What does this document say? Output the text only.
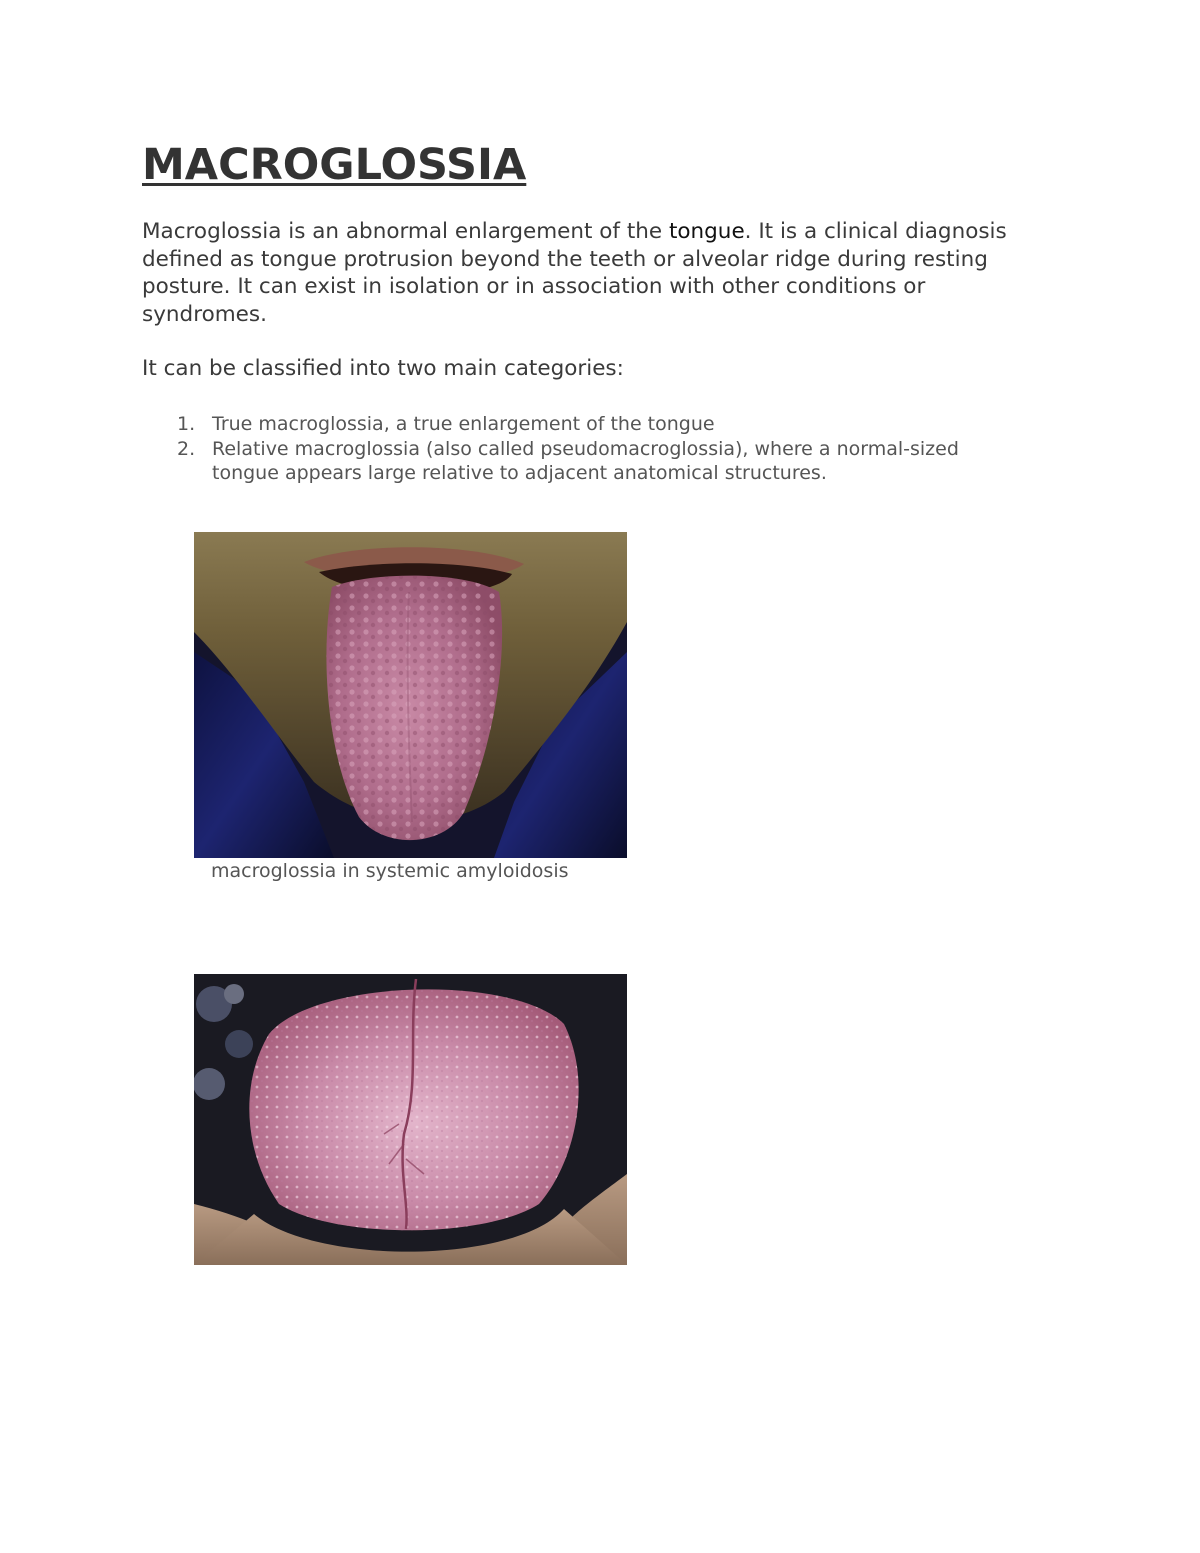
MACROGLOSSIA

Macroglossia is an abnormal enlargement of the tongue. It is a clinical diagnosis defined as tongue protrusion beyond the teeth or alveolar ridge during resting posture. It can exist in isolation or in association with other conditions or syndromes.

It can be classified into two main categories:

1. True macroglossia, a true enlargement of the tongue
2. Relative macroglossia (also called pseudomacroglossia), where a normal-sized tongue appears large relative to adjacent anatomical structures.

macroglossia in systemic amyloidosis
